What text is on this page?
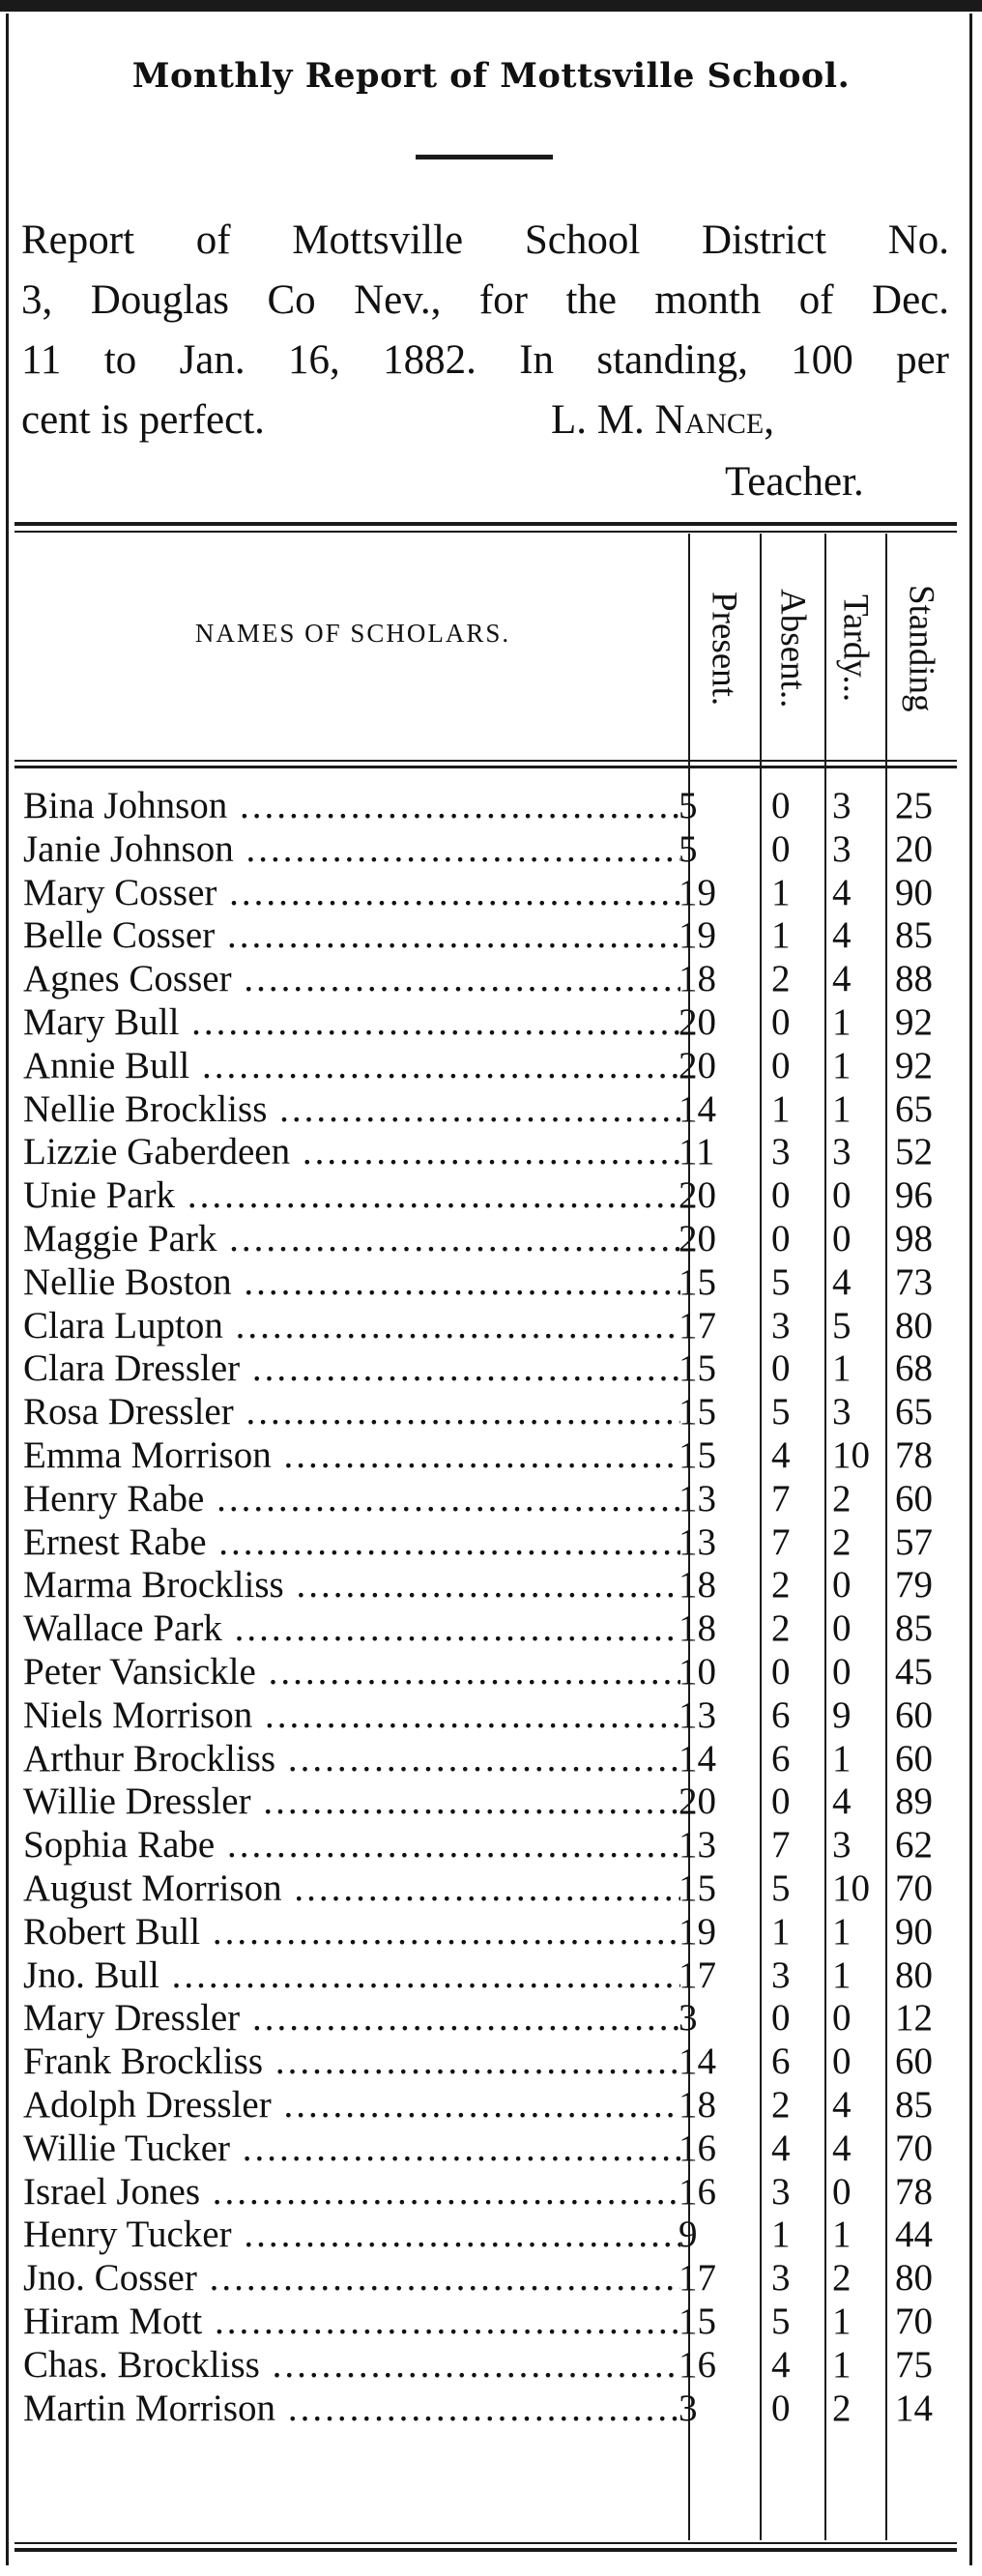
Monthly Report of Mottsville School.
Report of Mottsville School District No.
3, Douglas Co Nev., for the month of Dec.
11 to Jan. 16, 1882. In standing, 100 per
cent is perfect.	L. M. Nance,
Teacher.
NAMES OF SCHOLARS.	Present. Absent.. Tardy... Standing
Bina Johnson .....	5	0	3	25
Janie Johnson .....	5	0	3	20
Mary Cosser .....	19	1	4	90
Belle Cosser .....	19	1	4	85
Agnes Cosser .....	18	2	4	88
Mary Bull .....	20	0	1	92
Annie Bull .....	20	0	1	92
Nellie Brockliss .....	14	1	1	65
Lizzie Gaberdeen .....	11	3	3	52
Unie Park .....	20	0	0	96
Maggie Park .....	20	0	0	98
Nellie Boston .....	15	5	4	73
Clara Lupton .....	17	3	5	80
Clara Dressler .....	15	0	1	68
Rosa Dressler .....	15	5	3	65
Emma Morrison .....	15	4	10 78
Henry Rabe .....	13	7	2	60
Ernest Rabe .....	13	7	2	57
Marma Brockliss .....	18	2	0	79
Wallace Park .....	18	2	0	85
Peter Vansickle .....	10	0	0	45
Niels Morrison .....	13	6	9	60
Arthur Brockliss .....	14	6	1	60
Willie Dressler .....	20	0	4	89
Sophia Rabe .....	13	7	3	62
August Morrison .....	15	5	10 70
Robert Bull .....	19	1	1	90
Jno. Bull .....	17	3	1	80
Mary Dressler .....	3	0	0	12
Frank Brockliss .....	14	6	0	60
Adolph Dressler .....	18	2	4	85
Willie Tucker .....	16	4	4	70
Israel Jones .....	16	3	0	78
Henry Tucker .....	9	1	1	44
Jno. Cosser .....	17	3	2	80
Hiram Mott .....	15	5	1	70
Chas. Brockliss .....	16	4	1	75
Martin Morrison .....	3	0	2	14
